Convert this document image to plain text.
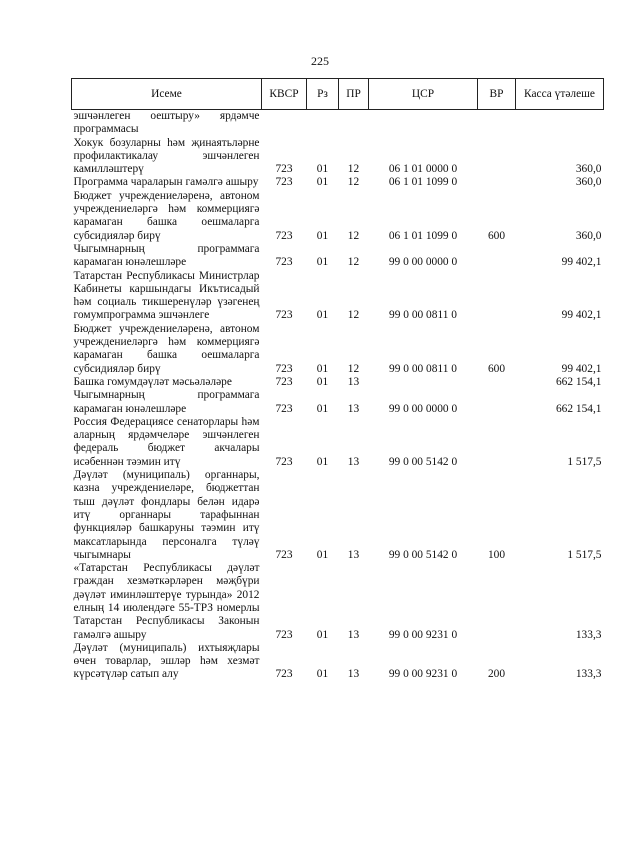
225
Исеме	КВСР	Рз	ПР	ЦСР	ВР	Касса үтәлеше
эшчәнлеген оештыру» ярдәмче программасы						
Хокук бозуларны һәм җинаятьләрне профилактикалау эшчәнлеген камилләштерү	723	01	12	06 1 01 0000 0		360,0
Программа чараларын гамәлгә ашыру	723	01	12	06 1 01 1099 0		360,0
Бюджет учреждениеләренә, автоном учреждениеләргә һәм коммерциягә карамаган башка оешмаларга субсидияләр бирү	723	01	12	06 1 01 1099 0	600	360,0
Чыгымнарның программага карамаган юнәлешләре	723	01	12	99 0 00 0000 0		99 402,1
Татарстан Республикасы Министрлар Кабинеты каршындагы Икътисадый һәм социаль тикшеренүләр үзәгенең гомумпрограмма эшчәнлеге	723	01	12	99 0 00 0811 0		99 402,1
Бюджет учреждениеләренә, автоном учреждениеләргә һәм коммерциягә карамаган башка оешмаларга субсидияләр бирү	723	01	12	99 0 00 0811 0	600	99 402,1
Башка гомумдәүләт мәсьәләләре	723	01	13			662 154,1
Чыгымнарның программага карамаган юнәлешләре	723	01	13	99 0 00 0000 0		662 154,1
Россия Федерациясе сенаторлары һәм аларның ярдәмчеләре эшчәнлеген федераль бюджет акчалары исәбеннән тәэмин итү	723	01	13	99 0 00 5142 0		1 517,5
Дәүләт (муниципаль) органнары, казна учреждениеләре, бюджеттан тыш дәүләт фондлары белән идарә итү органнары тарафыннан функцияләр башкаруны тәэмин итү максатларында персоналга түләү чыгымнары	723	01	13	99 0 00 5142 0	100	1 517,5
«Татарстан Республикасы дәүләт граждан хезмәткәрләрен мәҗбүри дәүләт иминләштерүе турында» 2012 елның 14 июлендәге 55-ТРЗ номерлы Татарстан Республикасы Законын гамәлгә ашыру	723	01	13	99 0 00 9231 0		133,3
Дәүләт (муниципаль) ихтыяҗлары өчен товарлар, эшләр һәм хезмәт күрсәтүләр сатып алу	723	01	13	99 0 00 9231 0	200	133,3
